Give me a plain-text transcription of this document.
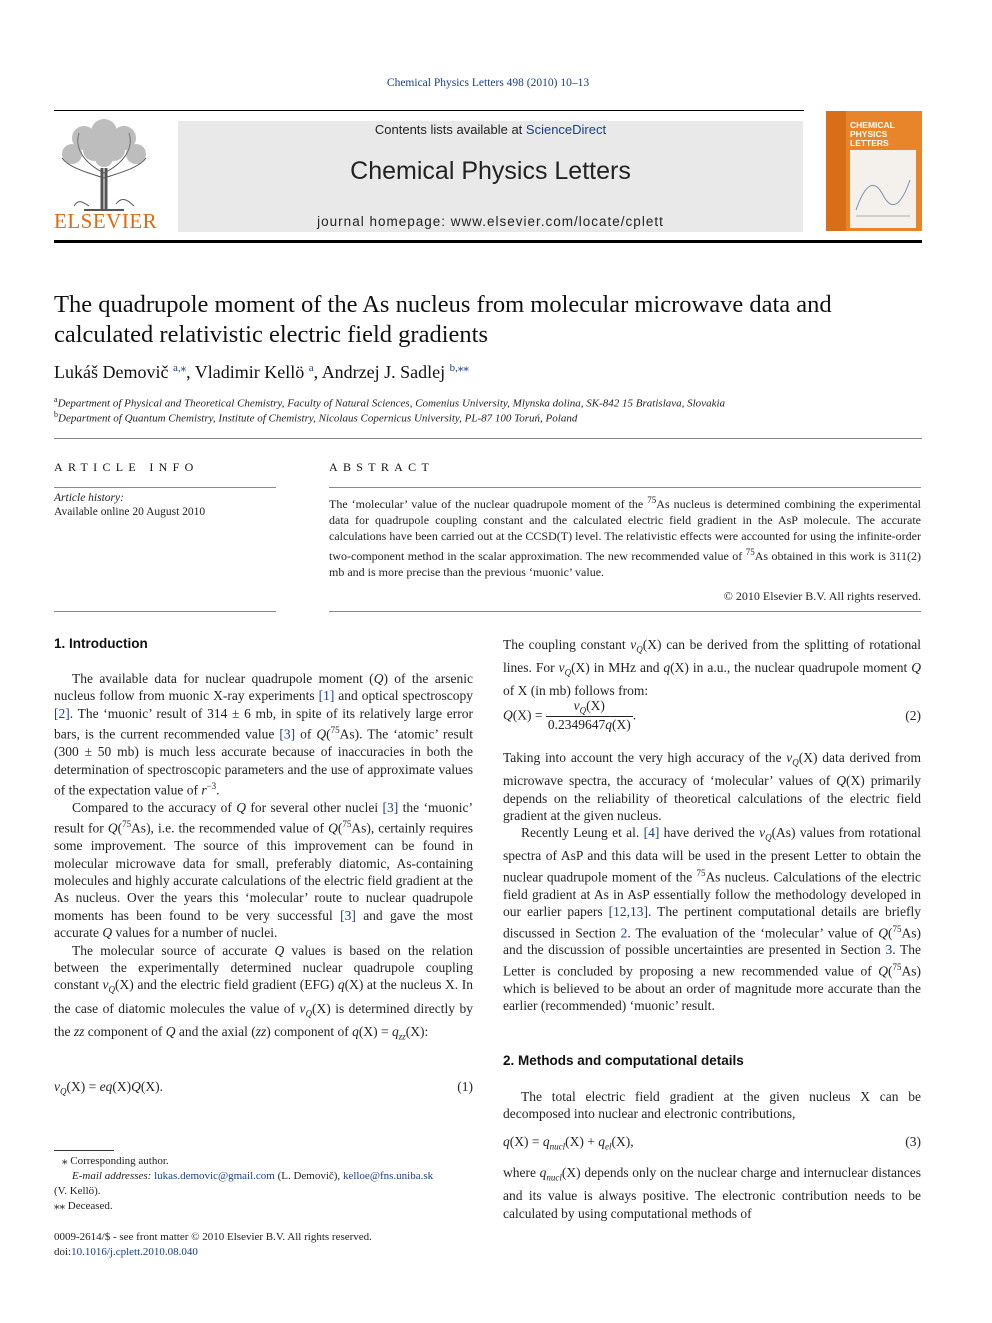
Chemical Physics Letters 498 (2010) 10–13
ELSEVIER
Contents lists available at ScienceDirect
Chemical Physics Letters
journal homepage: www.elsevier.com/locate/cplett
CHEMICAL
PHYSICS
LETTERS
The quadrupole moment of the As nucleus from molecular microwave data and calculated relativistic electric field gradients
Lukáš Demovič $^{a,⁎}$, Vladimir Kellö $^a$, Andrzej J. Sadlej $^{b,⁎⁎}$
$^a$Department of Physical and Theoretical Chemistry, Faculty of Natural Sciences, Comenius University, Mlynska dolina, SK-842 15 Bratislava, Slovakia
$^b$Department of Quantum Chemistry, Institute of Chemistry, Nicolaus Copernicus University, PL-87 100 Toruń, Poland
ARTICLE INFO
Article history:
Available online 20 August 2010
ABSTRACT
The ‘molecular’ value of the nuclear quadrupole moment of the $^{75}$As nucleus is determined combining the experimental data for quadrupole coupling constant and the calculated electric field gradient in the AsP molecule. The accurate calculations have been carried out at the CCSD(T) level. The relativistic effects were accounted for using the infinite-order two-component method in the scalar approximation. The new recommended value of $^{75}$As obtained in this work is 311(2) mb and is more precise than the previous ‘muonic’ value.
© 2010 Elsevier B.V. All rights reserved.
1. Introduction

The available data for nuclear quadrupole moment (Q) of the arsenic nucleus follow from muonic X-ray experiments [1] and optical spectroscopy [2]. The ‘muonic’ result of 314 ± 6 mb, in spite of its relatively large error bars, is the current recommended value [3] of Q($^{75}$As). The ‘atomic’ result (300 ± 50 mb) is much less accurate because of inaccuracies in both the determination of spectroscopic parameters and the use of approximate values of the expectation value of $r^{-3}$.

Compared to the accuracy of Q for several other nuclei [3] the ‘muonic’ result for Q($^{75}$As), i.e. the recommended value of Q($^{75}$As), certainly requires some improvement. The source of this improvement can be found in molecular microwave data for small, preferably diatomic, As-containing molecules and highly accurate calculations of the electric field gradient at the As nucleus. Over the years this ‘molecular’ route to nuclear quadrupole moments has been found to be very successful [3] and gave the most accurate Q values for a number of nuclei.

The molecular source of accurate Q values is based on the relation between the experimentally determined nuclear quadrupole coupling constant $\nu_Q(X)$ and the electric field gradient (EFG) q(X) at the nucleus X. In the case of diatomic molecules the value of $\nu_Q(X)$ is determined directly by the zz component of Q and the axial (zz) component of $q(X) = q_{zz}(X)$:

$\nu_Q(X) = eq(X)Q(X)$.	(1)
⁎ Corresponding author.
E-mail addresses: lukas.demovic@gmail.com (L. Demovič), kelloe@fns.uniba.sk
(V. Kellö).
⁎⁎ Deceased.
0009-2614/$ - see front matter © 2010 Elsevier B.V. All rights reserved.
doi:10.1016/j.cplett.2010.08.040

The coupling constant $\nu_Q(X)$ can be derived from the splitting of rotational lines. For $\nu_Q(X)$ in MHz and q(X) in a.u., the nuclear quadrupole moment Q of X (in mb) follows from:

$Q(X) = \frac{\nu_Q(X)}{0.2349647q(X)}$ .	(2)

Taking into account the very high accuracy of the $\nu_Q(X)$ data derived from microwave spectra, the accuracy of ‘molecular’ values of Q(X) primarily depends on the reliability of theoretical calculations of the electric field gradient at the given nucleus.

Recently Leung et al. [4] have derived the $\nu_Q(As)$ values from rotational spectra of AsP and this data will be used in the present Letter to obtain the nuclear quadrupole moment of the $^{75}$As nucleus. Calculations of the electric field gradient at As in AsP essentially follow the methodology developed in our earlier papers [12,13]. The pertinent computational details are briefly discussed in Section 2. The evaluation of the ‘molecular’ value of Q($^{75}$As) and the discussion of possible uncertainties are presented in Section 3. The Letter is concluded by proposing a new recommended value of Q($^{75}$As) which is believed to be about an order of magnitude more accurate than the earlier (recommended) ‘muonic’ result.

2. Methods and computational details

The total electric field gradient at the given nucleus X can be decomposed into nuclear and electronic contributions,

$q(X) = q_{nucl}(X) + q_{el}(X)$,	(3)

where $q_{nucl}(X)$ depends only on the nuclear charge and internuclear distances and its value is always positive. The electronic contribution needs to be calculated by using computational methods of
